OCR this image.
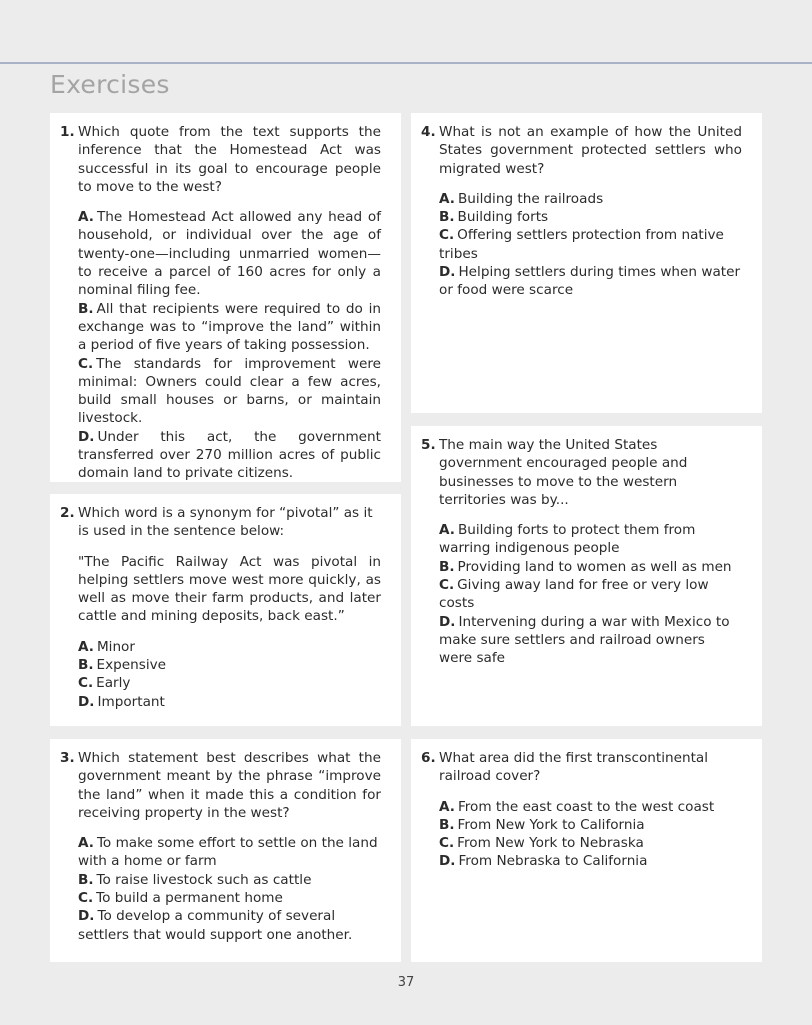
Exercises
1. Which quote from the text supports the inference that the Homestead Act was successful in its goal to encourage people to move to the west?

A. The Homestead Act allowed any head of household, or individual over the age of twenty-one—including unmarried women—to receive a parcel of 160 acres for only a nominal filing fee.

B. All that recipients were required to do in exchange was to “improve the land” within a period of five years of taking possession.

C. The standards for improvement were minimal: Owners could clear a few acres, build small houses or barns, or maintain livestock.

D. Under this act, the government transferred over 270 million acres of public domain land to private citizens.

2. Which word is a synonym for “pivotal” as it is used in the sentence below:

"The Pacific Railway Act was pivotal in helping settlers move west more quickly, as well as move their farm products, and later cattle and mining deposits, back east.”

A. Minor

B. Expensive

C. Early

D. Important

3. Which statement best describes what the government meant by the phrase “improve the land” when it made this a condition for receiving property in the west?

A. To make some effort to settle on the land with a home or farm

B. To raise livestock such as cattle

C. To build a permanent home

D. To develop a community of several settlers that would support one another.

4. What is not an example of how the United States government protected settlers who migrated west?

A. Building the railroads

B. Building forts

C. Offering settlers protection from native tribes

D. Helping settlers during times when water or food were scarce

5. The main way the United States government encouraged people and businesses to move to the western territories was by...

A. Building forts to protect them from warring indigenous people

B. Providing land to women as well as men

C. Giving away land for free or very low costs

D. Intervening during a war with Mexico to make sure settlers and railroad owners were safe

6. What area did the first transcontinental railroad cover?

A. From the east coast to the west coast

B. From New York to California

C. From New York to Nebraska

D. From Nebraska to California

37
